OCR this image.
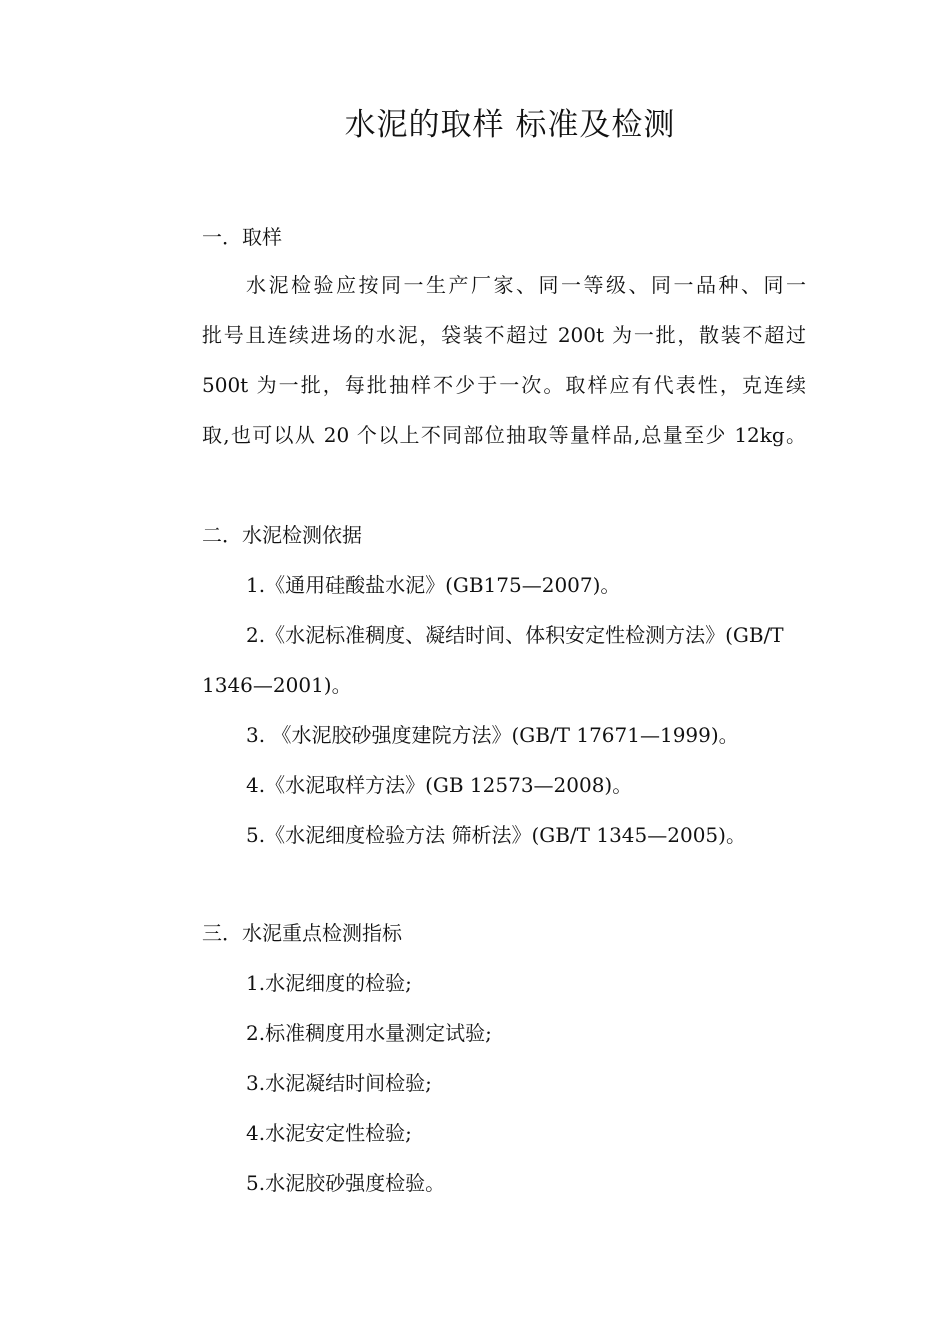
水泥的取样 标准及检测
一．取样
水泥检验应按同一生产厂家、同一等级、同一品种、同一
批号且连续进场的水泥，袋装不超过 200t 为一批，散装不超过
500t 为一批，每批抽样不少于一次。取样应有代表性，克连续
取,也可以从 20 个以上不同部位抽取等量样品,总量至少 12kg。
二．水泥检测依据
1.《通用硅酸盐水泥》(GB175—2007)。
2.《水泥标准稠度、凝结时间、体积安定性检测方法》(GB/T
1346—2001)。
3. 《水泥胶砂强度建院方法》(GB/T 17671—1999)。
4.《水泥取样方法》(GB 12573—2008)。
5.《水泥细度检验方法 筛析法》(GB/T 1345—2005)。
三．水泥重点检测指标
1.水泥细度的检验;
2.标准稠度用水量测定试验;
3.水泥凝结时间检验;
4.水泥安定性检验;
5.水泥胶砂强度检验。
